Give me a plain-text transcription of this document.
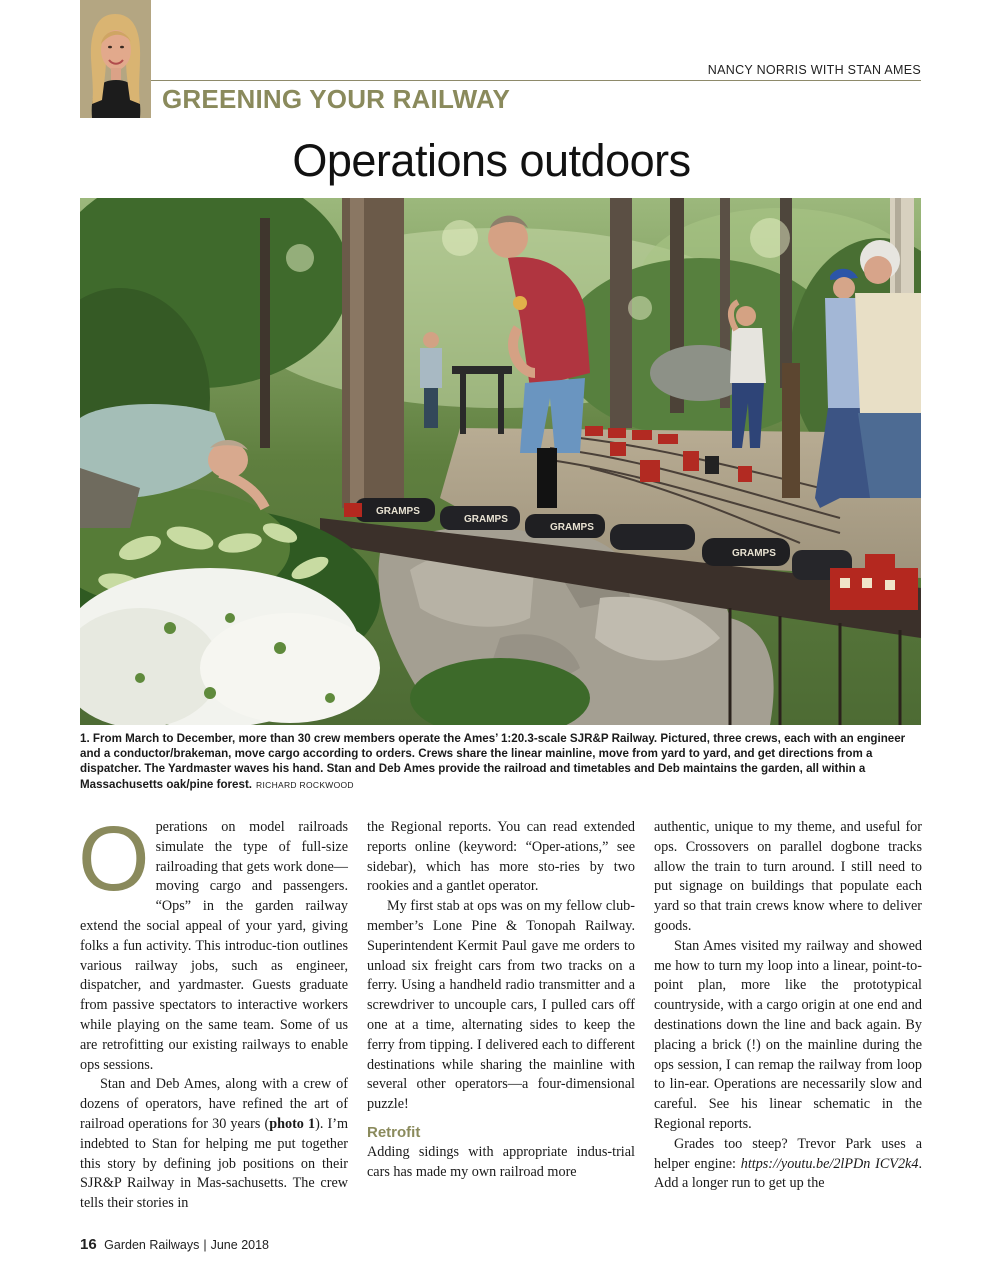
NANCY NORRIS WITH STAN AMES
GREENING YOUR RAILWAY
Operations outdoors
GRAMPS
GRAMPS
GRAMPS
GRAMPS
1. From March to December, more than 30 crew members operate the Ames’ 1:20.3-scale SJR&P Railway. Pictured, three crews, each with an engineer and a conductor/brakeman, move cargo according to orders. Crews share the linear mainline, move from yard to yard, and get directions from a dispatcher. The Yardmaster waves his hand. Stan and Deb Ames provide the railroad and timetables and Deb maintains the garden, all within a Massachusetts oak/pine forest. RICHARD ROCKWOOD

Operations on model railroads simulate the type of full-size railroading that gets work done—moving cargo and passengers. “Ops” in the garden railway extend the social appeal of your yard, giving folks a fun activity. This introduc-tion outlines various railway jobs, such as engineer, dispatcher, and yardmaster. Guests graduate from passive spectators to interactive workers while playing on the same team. Some of us are retrofitting our existing railways to enable ops sessions.

Stan and Deb Ames, along with a crew of dozens of operators, have refined the art of railroad operations for 30 years (photo 1). I’m indebted to Stan for helping me put together this story by defining job positions on their SJR&P Railway in Mas-sachusetts. The crew tells their stories in

the Regional reports. You can read extended reports online (keyword: “Oper-ations,” see sidebar), which has more sto-ries by two rookies and a gantlet operator.

My first stab at ops was on my fellow club-member’s Lone Pine & Tonopah Railway. Superintendent Kermit Paul gave me orders to unload six freight cars from two tracks on a ferry. Using a handheld radio transmitter and a screwdriver to uncouple cars, I pulled cars off one at a time, alternating sides to keep the ferry from tipping. I delivered each to different destinations while sharing the mainline with several other operators—a four-dimensional puzzle!

Retrofit

Adding sidings with appropriate indus-trial cars has made my own railroad more

authentic, unique to my theme, and useful for ops. Crossovers on parallel dogbone tracks allow the train to turn around. I still need to put signage on buildings that populate each yard so that train crews know where to deliver goods.

Stan Ames visited my railway and showed me how to turn my loop into a linear, point-to-point plan, more like the prototypical countryside, with a cargo origin at one end and destinations down the line and back again. By placing a brick (!) on the mainline during the ops session, I can remap the railway from loop to lin-ear. Operations are necessarily slow and careful. See his linear schematic in the Regional reports.

Grades too steep? Trevor Park uses a helper engine: https://youtu.be/2lPDn ICV2k4. Add a longer run to get up the

16 Garden Railways | June 2018
